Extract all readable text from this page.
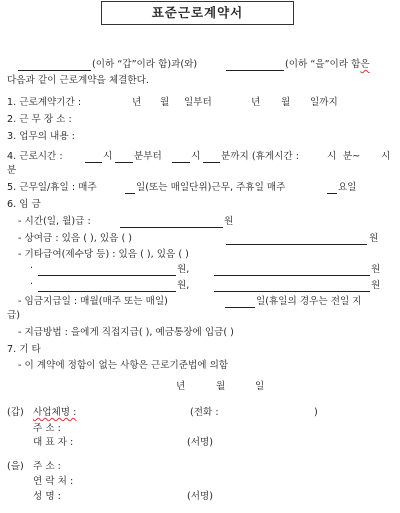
표준근로계약서
(이하 “갑”이라 함)과(와)	(이하 “을”이라 함은
다음과 같이 근로계약을 체결한다.
1. 근로계약기간 :	년 월 일부터	년 월 일까지
2. 근 무 장 소 :
3. 업무의 내용 :
4. 근로시간 :	시 분부터	시 분까지 (휴게시간 :	시 분~ 시
분
5. 근무일/휴일 : 매주	일(또는 매일단위)근무, 주휴일 매주	요일
6. 임 금
- 시간(일, 월)급 :	원
- 상여금 : 있음 ( ), 있음 ( )	원
- 기타급여(제수당 등) : 있음 ( ), 있음 ( )
·	원,	원
·	원,	원
- 임금지급일 : 매월(매주 또는 매일)	일(휴일의 경우는 전일 지
급)
- 지급방법 : 을에게 직접지급( ), 예금통장에 입금( )
7. 기 타
- 이 계약에 정함이 없는 사항은 근로기준법에 의함
년	월	일
(갑) 사업체명 :	(전화 :	)
주 소 :
대 표 자 :	(서명)
(을) 주 소 :
연 락 처 :
성 명 :	(서명)
